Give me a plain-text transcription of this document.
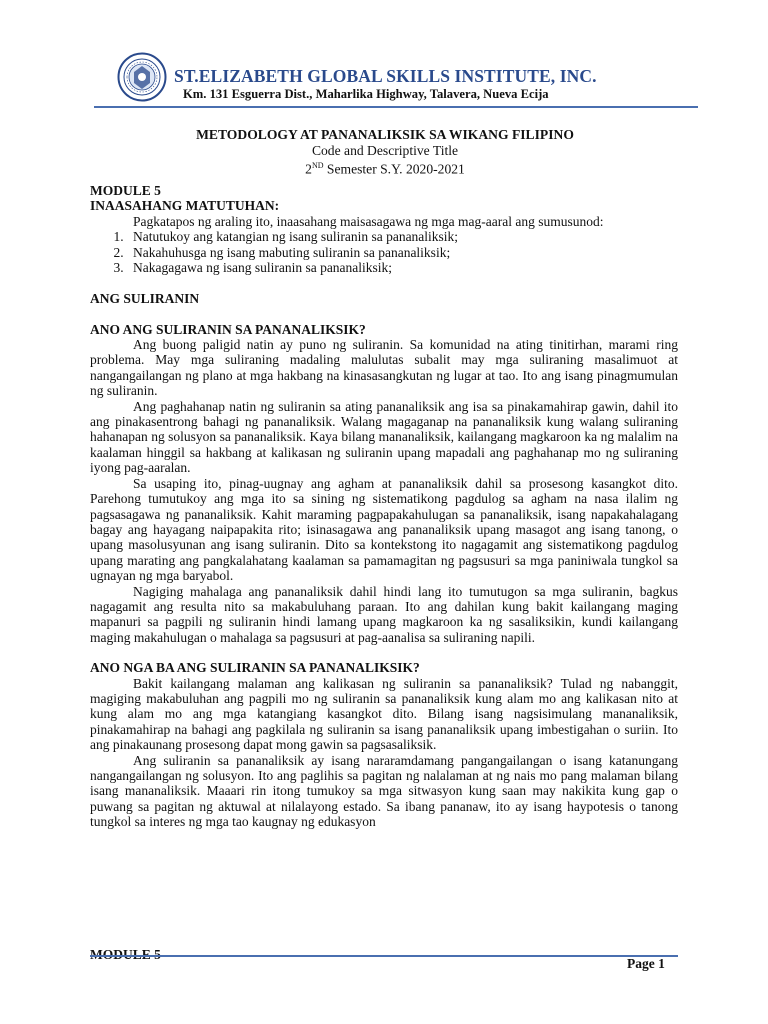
ST.ELIZABETH GLOBAL SKILLS INSTITUTE, INC.
Km. 131 Esguerra Dist., Maharlika Highway, Talavera, Nueva Ecija
METODOLOGY AT PANANALIKSIK SA WIKANG FILIPINO
Code and Descriptive Title
2ND Semester S.Y. 2020-2021
MODULE 5
INAASAHANG MATUTUHAN:
Pagkatapos ng araling ito, inaasahang maisasagawa ng mga mag-aaral ang sumusunod:
1. Natutukoy ang katangian ng isang suliranin sa pananaliksik;
2. Nakahuhusga ng isang mabuting suliranin sa pananaliksik;
3. Nakagagawa ng isang suliranin sa pananaliksik;
ANG SULIRANIN
ANO ANG SULIRANIN SA PANANALIKSIK?

Ang buong paligid natin ay puno ng suliranin. Sa komunidad na ating tinitirhan, marami ring problema. May mga suliraning madaling malulutas subalit may mga suliraning masalimuot at nangangailangan ng plano at mga hakbang na kinasasangkutan ng lugar at tao. Ito ang isang pinagmumulan ng suliranin.

Ang paghahanap natin ng suliranin sa ating pananaliksik ang isa sa pinakamahirap gawin, dahil ito ang pinakasentrong bahagi ng pananaliksik. Walang magaganap na pananaliksik kung walang suliraning hahanapan ng solusyon sa pananaliksik. Kaya bilang mananaliksik, kailangang magkaroon ka ng malalim na kaalaman hinggil sa hakbang at kalikasan ng suliranin upang mapadali ang paghahanap mo ng suliraning iyong pag-aaralan.

Sa usaping ito, pinag-uugnay ang agham at pananaliksik dahil sa prosesong kasangkot dito. Parehong tumutukoy ang mga ito sa sining ng sistematikong pagdulog sa agham na nasa ilalim ng pagsasagawa ng pananaliksik. Kahit maraming pagpapakahulugan sa pananaliksik, isang napakahalagang bagay ang hayagang naipapakita rito; isinasagawa ang pananaliksik upang masagot ang isang tanong, o upang masolusyunan ang isang suliranin. Dito sa kontekstong ito nagagamit ang sistematikong pagdulog upang marating ang pangkalahatang kaalaman sa pamamagitan ng pagsusuri sa mga paniniwala tungkol sa ugnayan ng mga baryabol.

Nagiging mahalaga ang pananaliksik dahil hindi lang ito tumutugon sa mga suliranin, bagkus nagagamit ang resulta nito sa makabuluhang paraan. Ito ang dahilan kung bakit kailangang maging mapanuri sa pagpili ng suliranin hindi lamang upang magkaroon ka ng sasaliksikin, kundi kailangang maging makahulugan o mahalaga sa pagsusuri at pag-aanalisa sa suliraning napili.

ANO NGA BA ANG SULIRANIN SA PANANALIKSIK?

Bakit kailangang malaman ang kalikasan ng suliranin sa pananaliksik? Tulad ng nabanggit, magiging makabuluhan ang pagpili mo ng suliranin sa pananaliksik kung alam mo ang kalikasan nito at kung alam mo ang mga katangiang kasangkot dito. Bilang isang nagsisimulang mananaliksik, pinakamahirap na bahagi ang pagkilala ng suliranin sa isang pananaliksik upang imbestigahan o suriin. Ito ang pinakaunang prosesong dapat mong gawin sa pagsasaliksik.

Ang suliranin sa pananaliksik ay isang nararamdamang pangangailangan o isang katanungang nangangailangan ng solusyon. Ito ang paglihis sa pagitan ng nalalaman at ng nais mo pang malaman bilang isang mananaliksik. Maaari rin itong tumukoy sa mga sitwasyon kung saan may nakikita kung gap o puwang sa pagitan ng aktuwal at nilalayong estado. Sa ibang pananaw, ito ay isang haypotesis o tanong tungkol sa interes ng mga tao kaugnay ng edukasyon

Page 1
